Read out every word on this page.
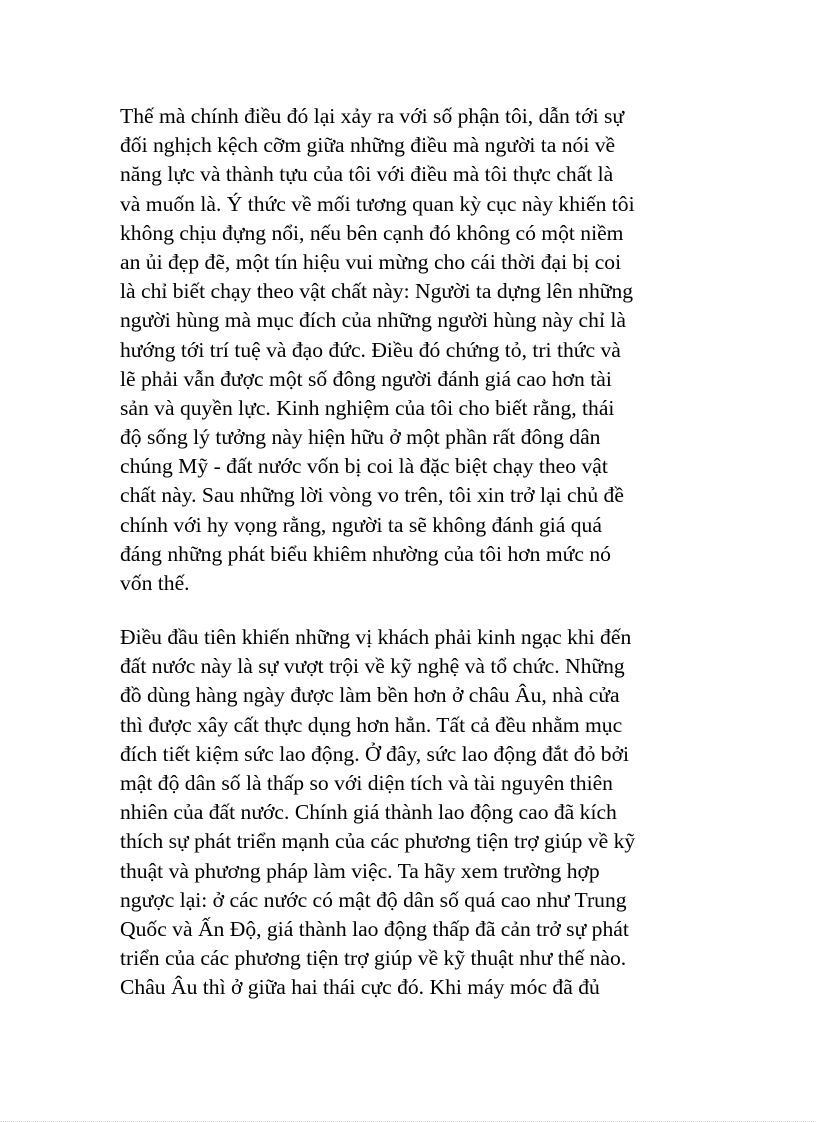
Thế mà chính điều đó lại xảy ra với số phận tôi, dẫn tới sự
đối nghịch kệch cỡm giữa những điều mà người ta nói về
năng lực và thành tựu của tôi với điều mà tôi thực chất là
và muốn là. Ý thức về mối tương quan kỳ cục này khiến tôi
không chịu đựng nổi, nếu bên cạnh đó không có một niềm
an ủi đẹp đẽ, một tín hiệu vui mừng cho cái thời đại bị coi
là chỉ biết chạy theo vật chất này: Người ta dựng lên những
người hùng mà mục đích của những người hùng này chỉ là
hướng tới trí tuệ và đạo đức. Điều đó chứng tỏ, tri thức và
lẽ phải vẫn được một số đông người đánh giá cao hơn tài
sản và quyền lực. Kinh nghiệm của tôi cho biết rằng, thái
độ sống lý tưởng này hiện hữu ở một phần rất đông dân
chúng Mỹ - đất nước vốn bị coi là đặc biệt chạy theo vật
chất này. Sau những lời vòng vo trên, tôi xin trở lại chủ đề
chính với hy vọng rằng, người ta sẽ không đánh giá quá
đáng những phát biểu khiêm nhường của tôi hơn mức nó
vốn thế.
Điều đầu tiên khiến những vị khách phải kinh ngạc khi đến
đất nước này là sự vượt trội về kỹ nghệ và tổ chức. Những
đồ dùng hàng ngày được làm bền hơn ở châu Âu, nhà cửa
thì được xây cất thực dụng hơn hẳn. Tất cả đều nhằm mục
đích tiết kiệm sức lao động. Ở đây, sức lao động đắt đỏ bởi
mật độ dân số là thấp so với diện tích và tài nguyên thiên
nhiên của đất nước. Chính giá thành lao động cao đã kích
thích sự phát triển mạnh của các phương tiện trợ giúp về kỹ
thuật và phương pháp làm việc. Ta hãy xem trường hợp
ngược lại: ở các nước có mật độ dân số quá cao như Trung
Quốc và Ấn Độ, giá thành lao động thấp đã cản trở sự phát
triển của các phương tiện trợ giúp về kỹ thuật như thế nào.
Châu Âu thì ở giữa hai thái cực đó. Khi máy móc đã đủ
